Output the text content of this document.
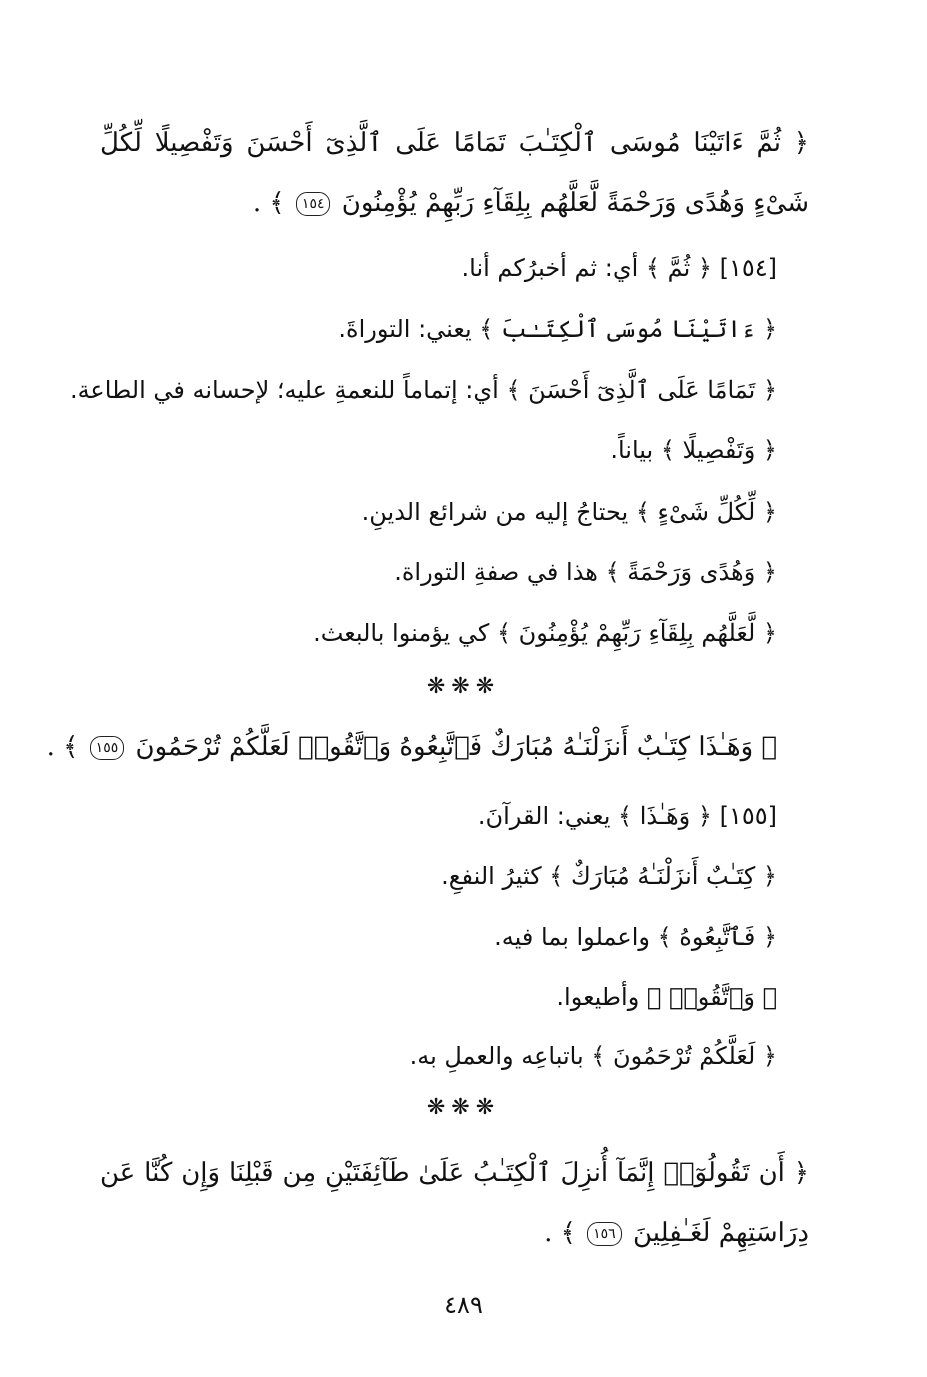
﴿ ثُمَّ ءَاتَيْنَا مُوسَى ٱلْكِتَـٰبَ تَمَامًا عَلَى ٱلَّذِىٓ أَحْسَنَ وَتَفْصِيلًا لِّكُلِّ
شَىْءٍ وَهُدًى وَرَحْمَةً لَّعَلَّهُم بِلِقَآءِ رَبِّهِمْ يُؤْمِنُونَ ١٥٤ ﴾ .
[١٥٤] ﴿ ثُمَّ ﴾ أي: ثم أخبرُكم أنا.
﴿ ءَاتَيْنَا مُوسَى ٱلْكِتَـٰبَ ﴾ يعني: التوراةَ.
﴿ تَمَامًا عَلَى ٱلَّذِىٓ أَحْسَنَ ﴾ أي: إتماماً للنعمةِ عليه؛ لإحسانه في الطاعة.
﴿ وَتَفْصِيلًا ﴾ بياناً.
﴿ لِّكُلِّ شَىْءٍ ﴾ يحتاجُ إليه من شرائع الدينِ.
﴿ وَهُدًى وَرَحْمَةً ﴾ هذا في صفةِ التوراة.
﴿ لَّعَلَّهُم بِلِقَآءِ رَبِّهِمْ يُؤْمِنُونَ ﴾ كي يؤمنوا بالبعث.
❋❋❋
﴿ وَهَـٰذَا كِتَـٰبٌ أَنزَلْنَـٰهُ مُبَارَكٌ فَٱتَّبِعُوهُ وَٱتَّقُوا۟ لَعَلَّكُمْ تُرْحَمُونَ ١٥٥ ﴾ .
[١٥٥] ﴿ وَهَـٰذَا ﴾ يعني: القرآنَ.
﴿ كِتَـٰبٌ أَنزَلْنَـٰهُ مُبَارَكٌ ﴾ كثيرُ النفعِ.
﴿ فَٱتَّبِعُوهُ ﴾ واعملوا بما فيه.
﴿ وَٱتَّقُوا۟ ﴾ وأطيعوا.
﴿ لَعَلَّكُمْ تُرْحَمُونَ ﴾ باتباعِه والعملِ به.
❋❋❋
﴿ أَن تَقُولُوٓا۟ إِنَّمَآ أُنزِلَ ٱلْكِتَـٰبُ عَلَىٰ طَآئِفَتَيْنِ مِن قَبْلِنَا وَإِن كُنَّا عَن
دِرَاسَتِهِمْ لَغَـٰفِلِينَ ١٥٦ ﴾ .
٤٨٩
